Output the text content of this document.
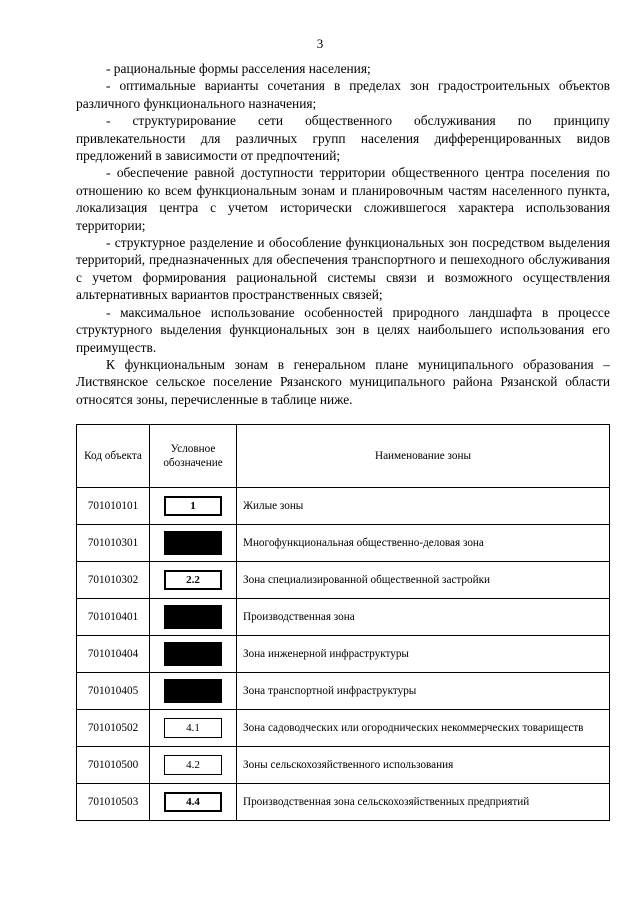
3

- рациональные формы расселения населения;

- оптимальные варианты сочетания в пределах зон градостроительных объектов различного функционального назначения;

- структурирование сети общественного обслуживания по принципу привлекательности для различных групп населения дифференцированных видов предложений в зависимости от предпочтений;

- обеспечение равной доступности территории общественного центра поселения по отношению ко всем функциональным зонам и планировочным частям населенного пункта, локализация центра с учетом исторически сложившегося характера использования территории;

- структурное разделение и обособление функциональных зон посредством выделения территорий, предназначенных для обеспечения транспортного и пешеходного обслуживания с учетом формирования рациональной системы связи и возможного осуществления альтернативных вариантов пространственных связей;

- максимальное использование особенностей природного ландшафта в процессе структурного выделения функциональных зон в целях наибольшего использования его преимуществ.

К функциональным зонам в генеральном плане муниципального образования – Листвянское сельское поселение Рязанского муниципального района Рязанской области относятся зоны, перечисленные в таблице ниже.

Код объекта	Условное обозначение	Наименование зоны
701010101	1	Жилые зоны
701010301		Многофункциональная общественно-деловая зона
701010302	2.2	Зона специализированной общественной застройки
701010401		Производственная зона
701010404		Зона инженерной инфраструктуры
701010405		Зона транспортной инфраструктуры
701010502	4.1	Зона садоводческих или огороднических некоммерческих товариществ
701010500	4.2	Зоны сельскохозяйственного использования
701010503	4.4	Производственная зона сельскохозяйственных предприятий
